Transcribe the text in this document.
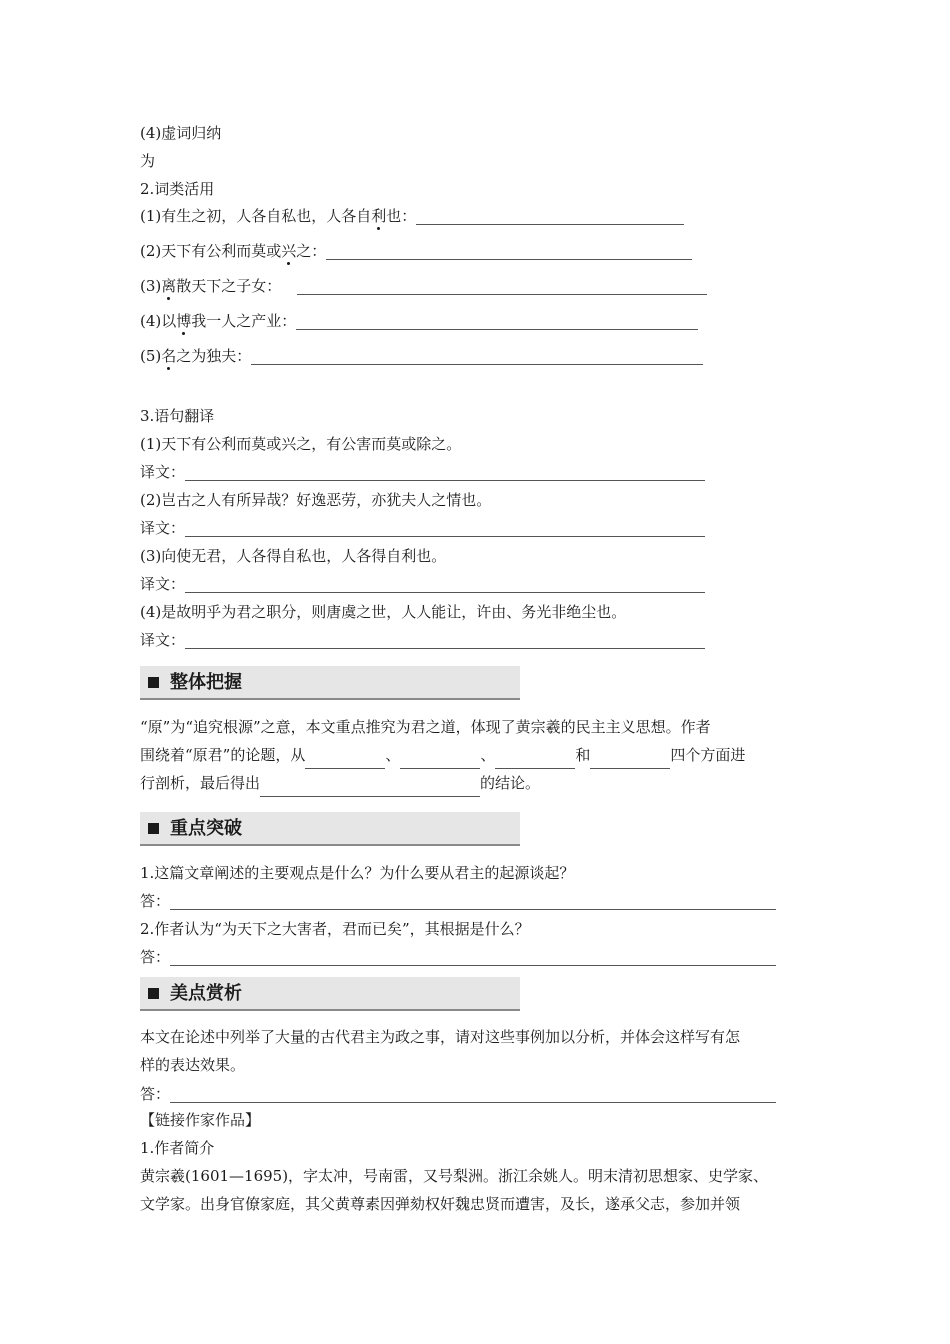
(4)虚词归纳
为
2.词类活用
(1)有生之初，人各自私也，人各自利也：
(2)天下有公利而莫或兴之：
(3)离散天下之子女：
(4)以博我一人之产业：
(5)名之为独夫：
3.语句翻译
(1)天下有公利而莫或兴之，有公害而莫或除之。
译文：
(2)岂古之人有所异哉？好逸恶劳，亦犹夫人之情也。
译文：
(3)向使无君，人各得自私也，人各得自利也。
译文：
(4)是故明乎为君之职分，则唐虞之世，人人能让，许由、务光非绝尘也。
译文：
整体把握
“原”为“追究根源”之意，本文重点推究为君之道，体现了黄宗羲的民主主义思想。作者
围绕着“原君”的论题，从	、	、	和	四个方面进
行剖析，最后得出	的结论。
重点突破
1.这篇文章阐述的主要观点是什么？为什么要从君主的起源谈起？
答：
2.作者认为“为天下之大害者，君而已矣”，其根据是什么？
答：
美点赏析
本文在论述中列举了大量的古代君主为政之事，请对这些事例加以分析，并体会这样写有怎
样的表达效果。
答：
【链接作家作品】
1.作者简介
黄宗羲(1601—1695)，字太冲，号南雷，又号梨洲。浙江余姚人。明末清初思想家、史学家、
文学家。出身官僚家庭，其父黄尊素因弹劾权奸魏忠贤而遭害，及长，遂承父志，参加并领
